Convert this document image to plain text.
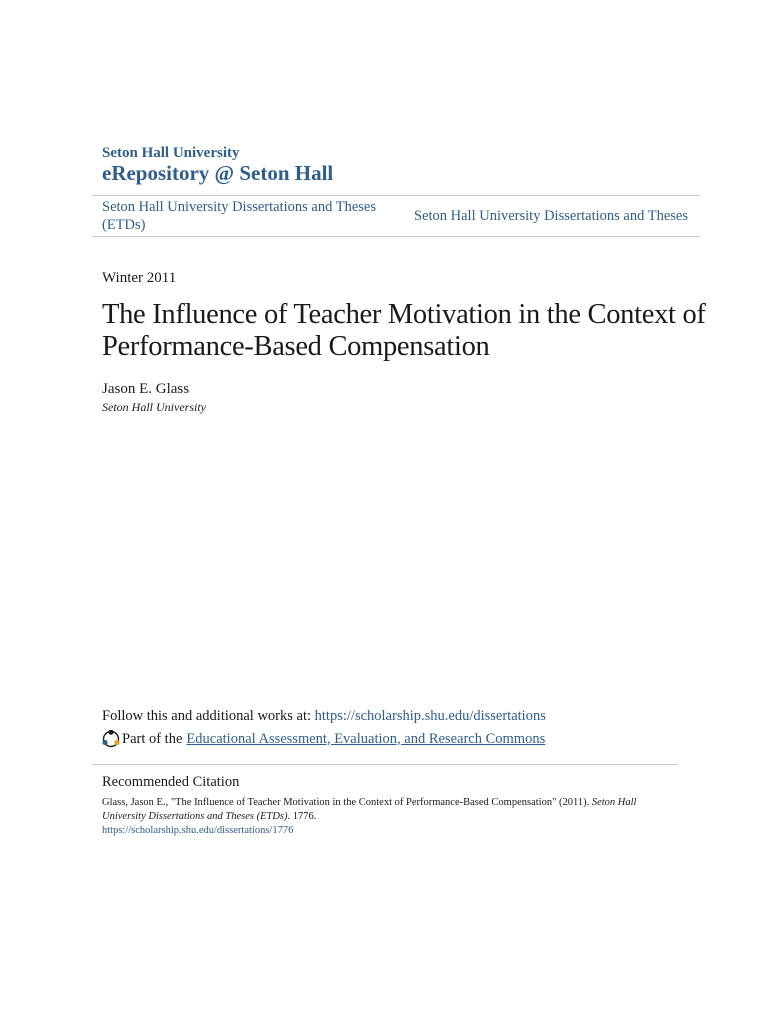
Seton Hall University
eRepository @ Seton Hall
Seton Hall University Dissertations and Theses (ETDs)
Seton Hall University Dissertations and Theses
Winter 2011
The Influence of Teacher Motivation in the Context of Performance-Based Compensation
Jason E. Glass
Seton Hall University
Follow this and additional works at: https://scholarship.shu.edu/dissertations
Part of the Educational Assessment, Evaluation, and Research Commons
Recommended Citation
Glass, Jason E., "The Influence of Teacher Motivation in the Context of Performance-Based Compensation" (2011). Seton Hall University Dissertations and Theses (ETDs). 1776.
https://scholarship.shu.edu/dissertations/1776
